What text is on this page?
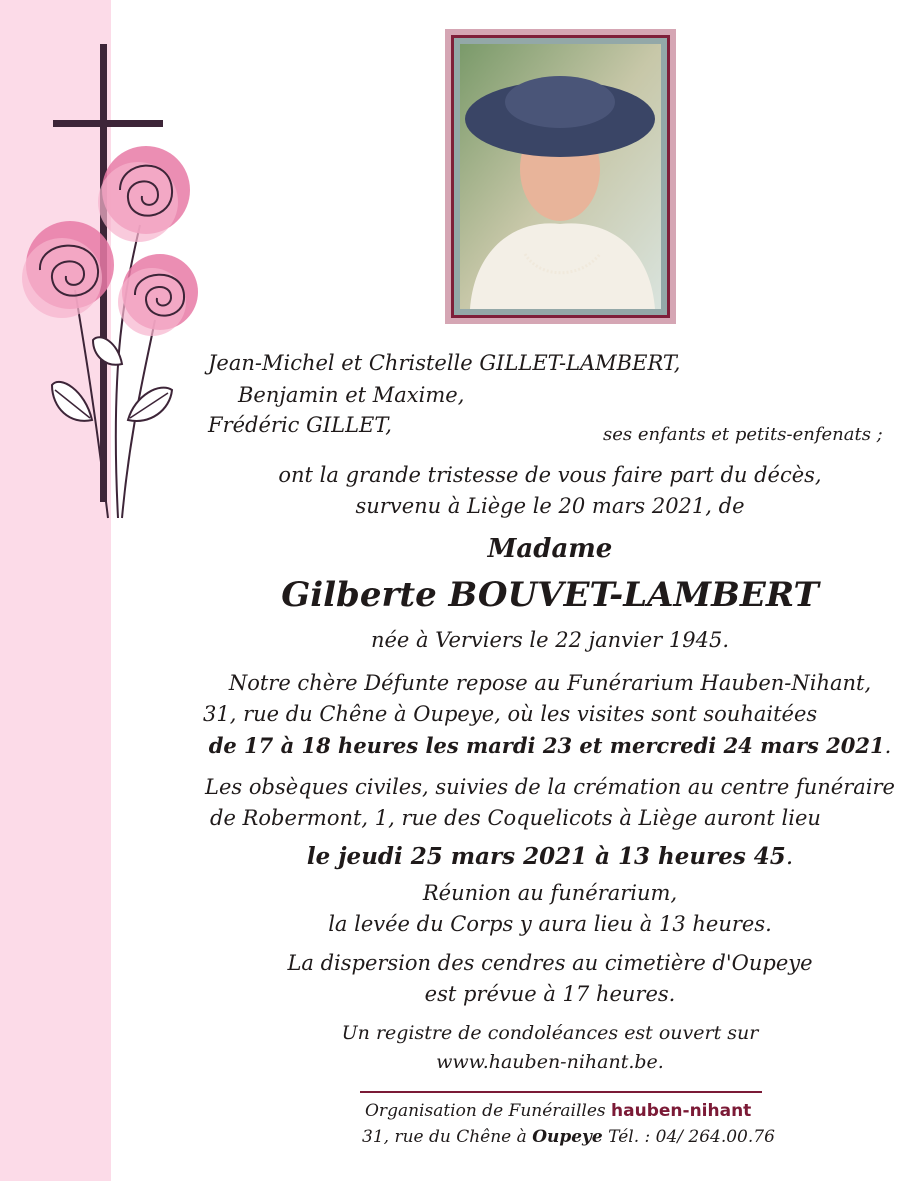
Jean-Michel et Christelle GILLET-LAMBERT,
Benjamin et Maxime,
Frédéric GILLET,	ses enfants et petits-enfenats ;
ont la grande tristesse de vous faire part du décès,
survenu à Liège le 20 mars 2021, de
Madame
Gilberte BOUVET-LAMBERT
née à Verviers le 22 janvier 1945.
Notre chère Défunte repose au Funérarium Hauben-Nihant,
31, rue du Chêne à Oupeye, où les visites sont souhaitées
de 17 à 18 heures les mardi 23 et mercredi 24 mars 2021.
Les obsèques civiles, suivies de la crémation au centre funéraire
de Robermont, 1, rue des Coquelicots à Liège auront lieu
le jeudi 25 mars 2021 à 13 heures 45.
Réunion au funérarium,
la levée du Corps y aura lieu à 13 heures.
La dispersion des cendres au cimetière d'Oupeye
est prévue à 17 heures.
Un registre de condoléances est ouvert sur
www.hauben-nihant.be.
Organisation de Funérailles hauben-nihant
31, rue du Chêne à Oupeye Tél. : 04/ 264.00.76
